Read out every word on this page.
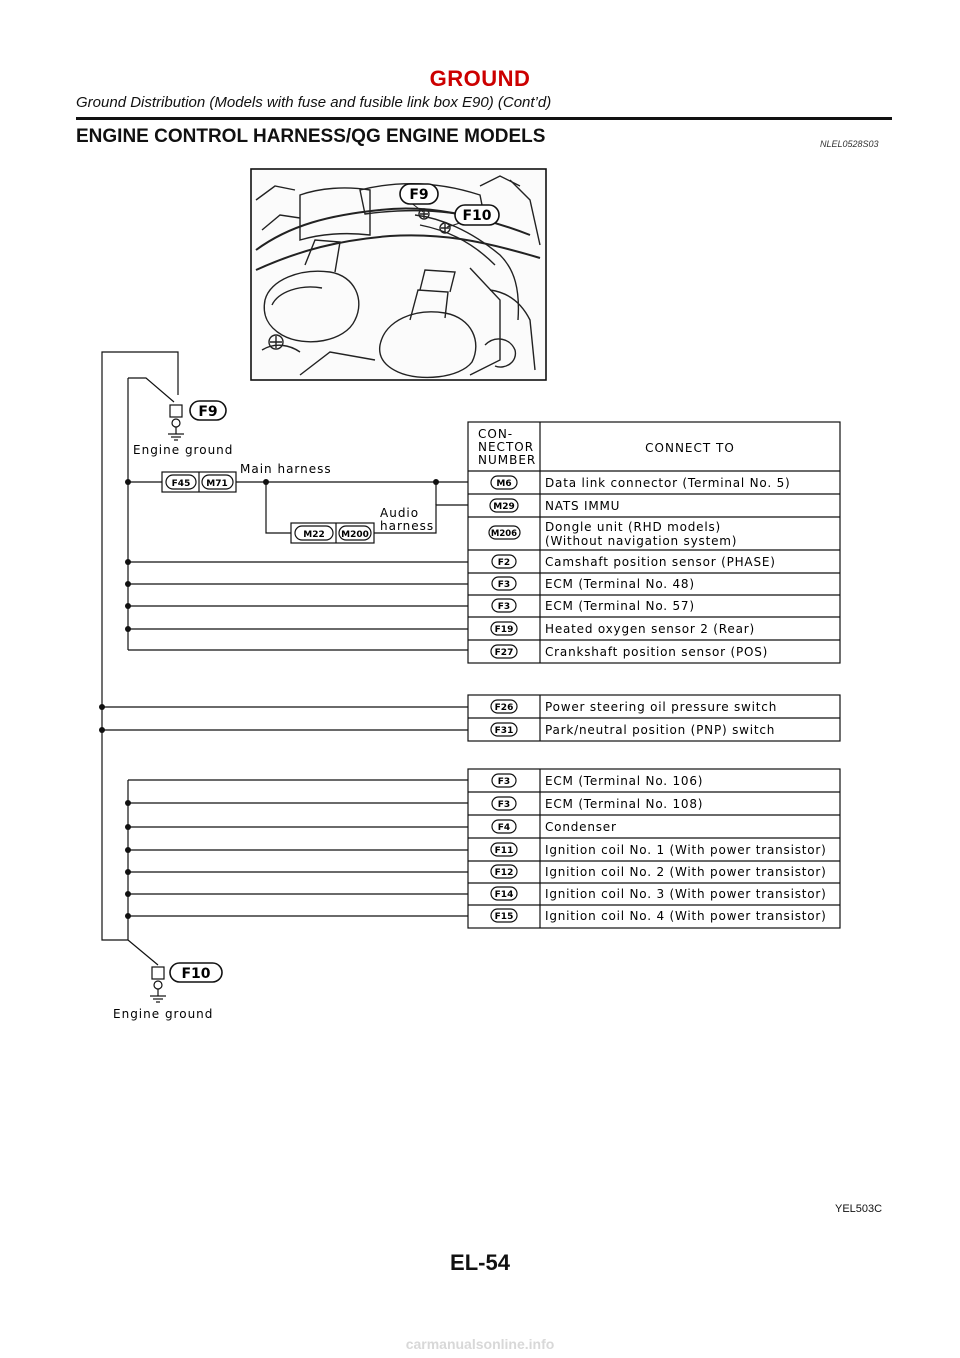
GROUND
Ground Distribution (Models with fuse and fusible link box E90) (Cont’d)
ENGINE CONTROL HARNESS/QG ENGINE MODELS	NLEL0528S03
F9
F10
F9
Engine ground
F10
Engine ground
F45 M71
Main harness
M22 M200
Audio
harness
CON-
NECTOR
NUMBER
CONNECT TO
M6	Data link connector (Terminal No. 5)
M29	NATS IMMU
M206 Dongle unit (RHD models)
(Without navigation system)
F2	Camshaft position sensor (PHASE)
F3	ECM (Terminal No. 48)
F3	ECM (Terminal No. 57)
F19	Heated oxygen sensor 2 (Rear)
F27	Crankshaft position sensor (POS)
F26	Power steering oil pressure switch
F31	Park/neutral position (PNP) switch
F3	ECM (Terminal No. 106)
F3	ECM (Terminal No. 108)
F4	Condenser
F11	Ignition coil No. 1 (With power transistor)
F12	Ignition coil No. 2 (With power transistor)
F14	Ignition coil No. 3 (With power transistor)
F15	Ignition coil No. 4 (With power transistor)
YEL503C
EL-54
carmanualsonline.info
